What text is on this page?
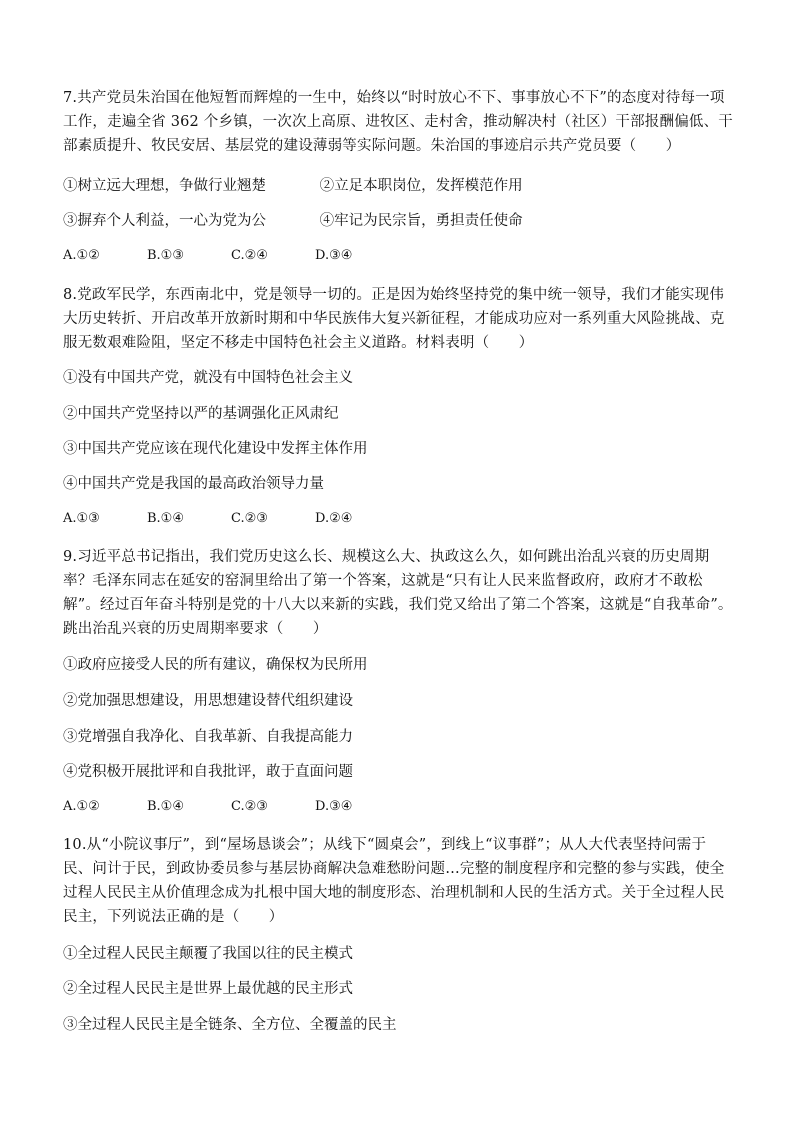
7.共产党员朱治国在他短暂而辉煌的一生中，始终以“时时放心不下、事事放心不下”的态度对待每一项工作，走遍全省 362 个乡镇，一次次上高原、进牧区、走村舍，推动解决村（社区）干部报酬偏低、干部素质提升、牧民安居、基层党的建设薄弱等实际问题。朱治国的事迹启示共产党员要（　　）

①树立远大理想，争做行业翘楚	②立足本职岗位，发挥模范作用
③摒弃个人利益，一心为党为公	④牢记为民宗旨，勇担责任使命
A.①②	B.①③	C.②④	D.③④

8.党政军民学，东西南北中，党是领导一切的。正是因为始终坚持党的集中统一领导，我们才能实现伟大历史转折、开启改革开放新时期和中华民族伟大复兴新征程，才能成功应对一系列重大风险挑战、克服无数艰难险阻，坚定不移走中国特色社会主义道路。材料表明（　　）

①没有中国共产党，就没有中国特色社会主义
②中国共产党坚持以严的基调强化正风肃纪
③中国共产党应该在现代化建设中发挥主体作用
④中国共产党是我国的最高政治领导力量
A.①③	B.①④	C.②③	D.②④

9.习近平总书记指出，我们党历史这么长、规模这么大、执政这么久，如何跳出治乱兴衰的历史周期率？毛泽东同志在延安的窑洞里给出了第一个答案，这就是“只有让人民来监督政府，政府才不敢松解”。经过百年奋斗特别是党的十八大以来新的实践，我们党又给出了第二个答案，这就是“自我革命”。跳出治乱兴衰的历史周期率要求（　　）

①政府应接受人民的所有建议，确保权为民所用
②党加强思想建设，用思想建设替代组织建设
③党增强自我净化、自我革新、自我提高能力
④党积极开展批评和自我批评，敢于直面问题
A.①②	B.①④	C.②③	D.③④

10.从“小院议事厅”，到“屋场恳谈会”；从线下“圆桌会”，到线上“议事群”；从人大代表坚持问需于民、问计于民，到政协委员参与基层协商解决急难愁盼问题…完整的制度程序和完整的参与实践，使全过程人民民主从价值理念成为扎根中国大地的制度形态、治理机制和人民的生活方式。关于全过程人民民主，下列说法正确的是（　　）

①全过程人民民主颠覆了我国以往的民主模式
②全过程人民民主是世界上最优越的民主形式
③全过程人民民主是全链条、全方位、全覆盖的民主
